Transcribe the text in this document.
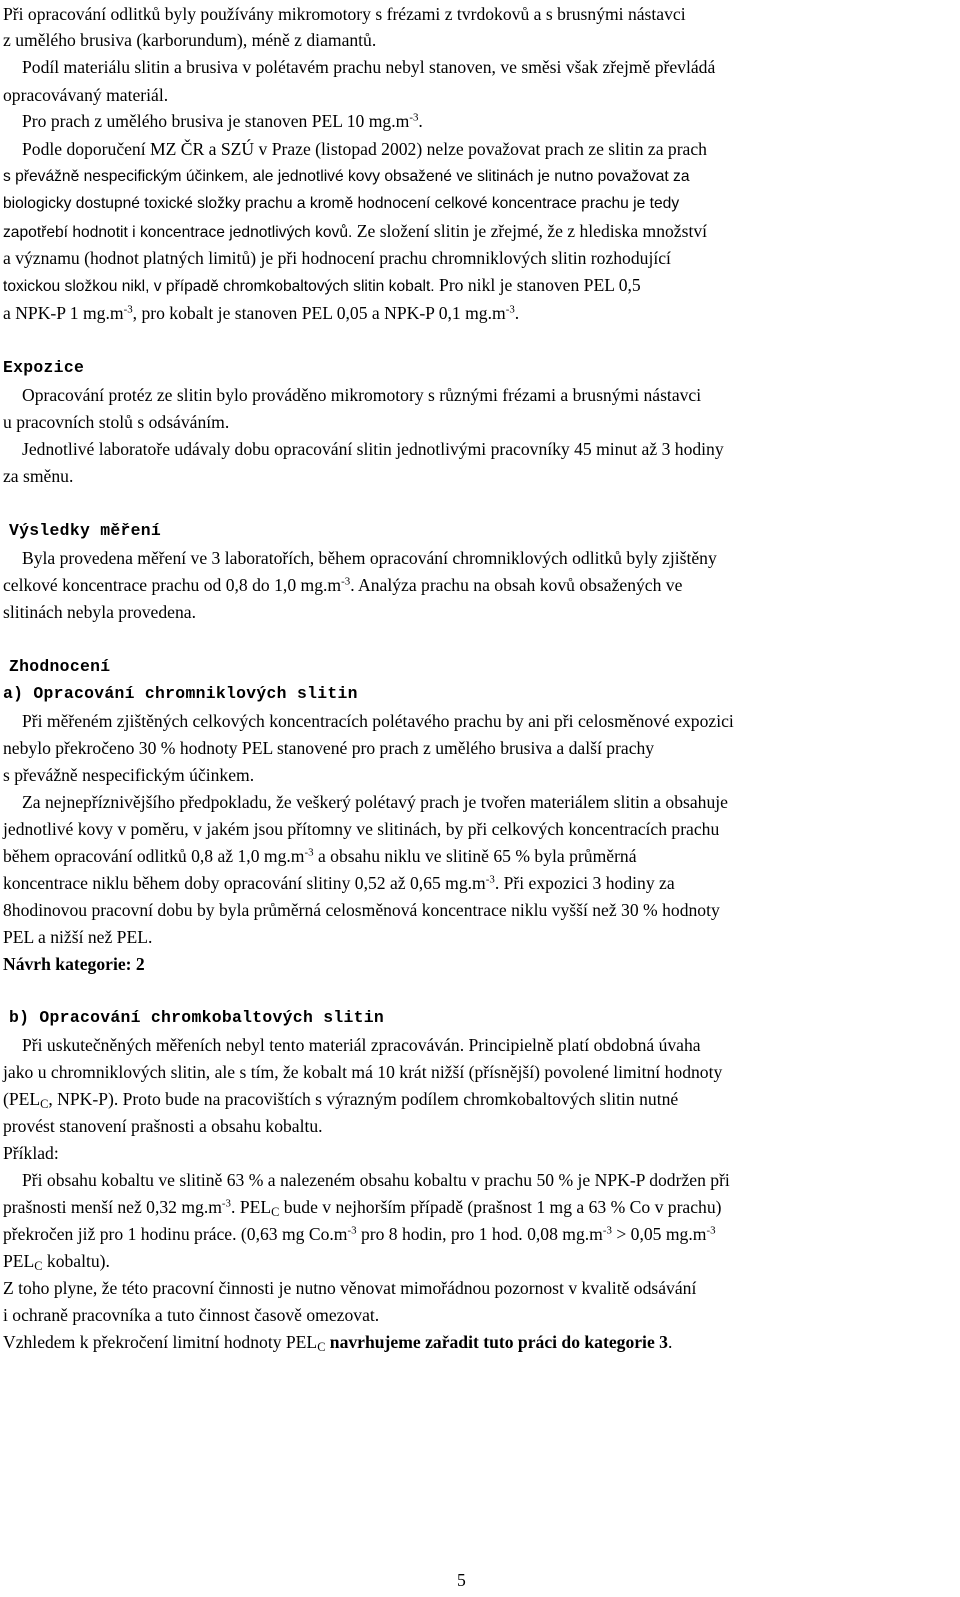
Při opracování odlitků byly používány mikromotory s frézami z tvrdokovů a s brusnými nástavci
z umělého brusiva (karborundum), méně z diamantů.
Podíl materiálu slitin a brusiva v polétavém prachu nebyl stanoven, ve směsi však zřejmě převládá
opracovávaný materiál.
Pro prach z umělého brusiva je stanoven PEL 10 $mg.m^{-3}$.
Podle doporučení MZ ČR a SZÚ v Praze (listopad 2002) nelze považovat prach ze slitin za prach
s převážně nespecifickým účinkem, ale jednotlivé kovy obsažené ve slitinách je nutno považovat za
biologicky dostupné toxické složky prachu a kromě hodnocení celkové koncentrace prachu je tedy
zapotřebí hodnotit i koncentrace jednotlivých kovů. Ze složení slitin je zřejmé, že z hlediska množství
a významu (hodnot platných limitů) je při hodnocení prachu chromniklových slitin rozhodující
toxickou složkou nikl, v případě chromkobaltových slitin kobalt. Pro nikl je stanoven PEL 0,5
a NPK-P 1 $mg.m^{-3}$, pro kobalt je stanoven PEL 0,05 a NPK-P 0,1 $mg.m^{-3}$.
Expozice
Opracování protéz ze slitin bylo prováděno mikromotory s různými frézami a brusnými nástavci
u pracovních stolů s odsáváním.
Jednotlivé laboratoře udávaly dobu opracování slitin jednotlivými pracovníky 45 minut až 3 hodiny
za směnu.
Výsledky měření
Byla provedena měření ve 3 laboratořích, během opracování chromniklových odlitků byly zjištěny
celkové koncentrace prachu od 0,8 do 1,0 $mg.m^{-3}$. Analýza prachu na obsah kovů obsažených ve
slitinách nebyla provedena.
Zhodnocení
a) Opracování chromniklových slitin
Při měřeném zjištěných celkových koncentracích polétavého prachu by ani při celosměnové expozici
nebylo překročeno 30 % hodnoty PEL stanovené pro prach z umělého brusiva a další prachy
s převážně nespecifickým účinkem.
Za nejnepříznivějšího předpokladu, že veškerý polétavý prach je tvořen materiálem slitin a obsahuje
jednotlivé kovy v poměru, v jakém jsou přítomny ve slitinách, by při celkových koncentracích prachu
během opracování odlitků 0,8 až 1,0 $mg.m^{-3}$ a obsahu niklu ve slitině 65 % byla průměrná
koncentrace niklu během doby opracování slitiny 0,52 až 0,65 $mg.m^{-3}$. Při expozici 3 hodiny za
8hodinovou pracovní dobu by byla průměrná celosměnová koncentrace niklu vyšší než 30 % hodnoty
PEL a nižší než PEL.
Návrh kategorie: 2
b) Opracování chromkobaltových slitin
Při uskutečněných měřeních nebyl tento materiál zpracováván. Principielně platí obdobná úvaha
jako u chromniklových slitin, ale s tím, že kobalt má 10 krát nižší (přísnější) povolené limitní hodnoty
($PEL_C$, NPK-P). Proto bude na pracovištích s výrazným podílem chromkobaltových slitin nutné
provést stanovení prašnosti a obsahu kobaltu.
Příklad:
Při obsahu kobaltu ve slitině 63 % a nalezeném obsahu kobaltu v prachu 50 % je NPK-P dodržen při
prašnosti menší než 0,32 $mg.m^{-3}$. $PEL_C$ bude v nejhorším případě (prašnost 1 mg a 63 % Co v prachu)
překročen již pro 1 hodinu práce. (0,63 mg $Co.m^{-3}$ pro 8 hodin, pro 1 hod. 0,08 $mg.m^{-3} > 0,05$ $mg.m^{-3}$
$PEL_C$ kobaltu).
Z toho plyne, že této pracovní činnosti je nutno věnovat mimořádnou pozornost v kvalitě odsávání
i ochraně pracovníka a tuto činnost časově omezovat.
Vzhledem k překročení limitní hodnoty $PEL_C$ navrhujeme zařadit tuto práci do kategorie 3.
5
